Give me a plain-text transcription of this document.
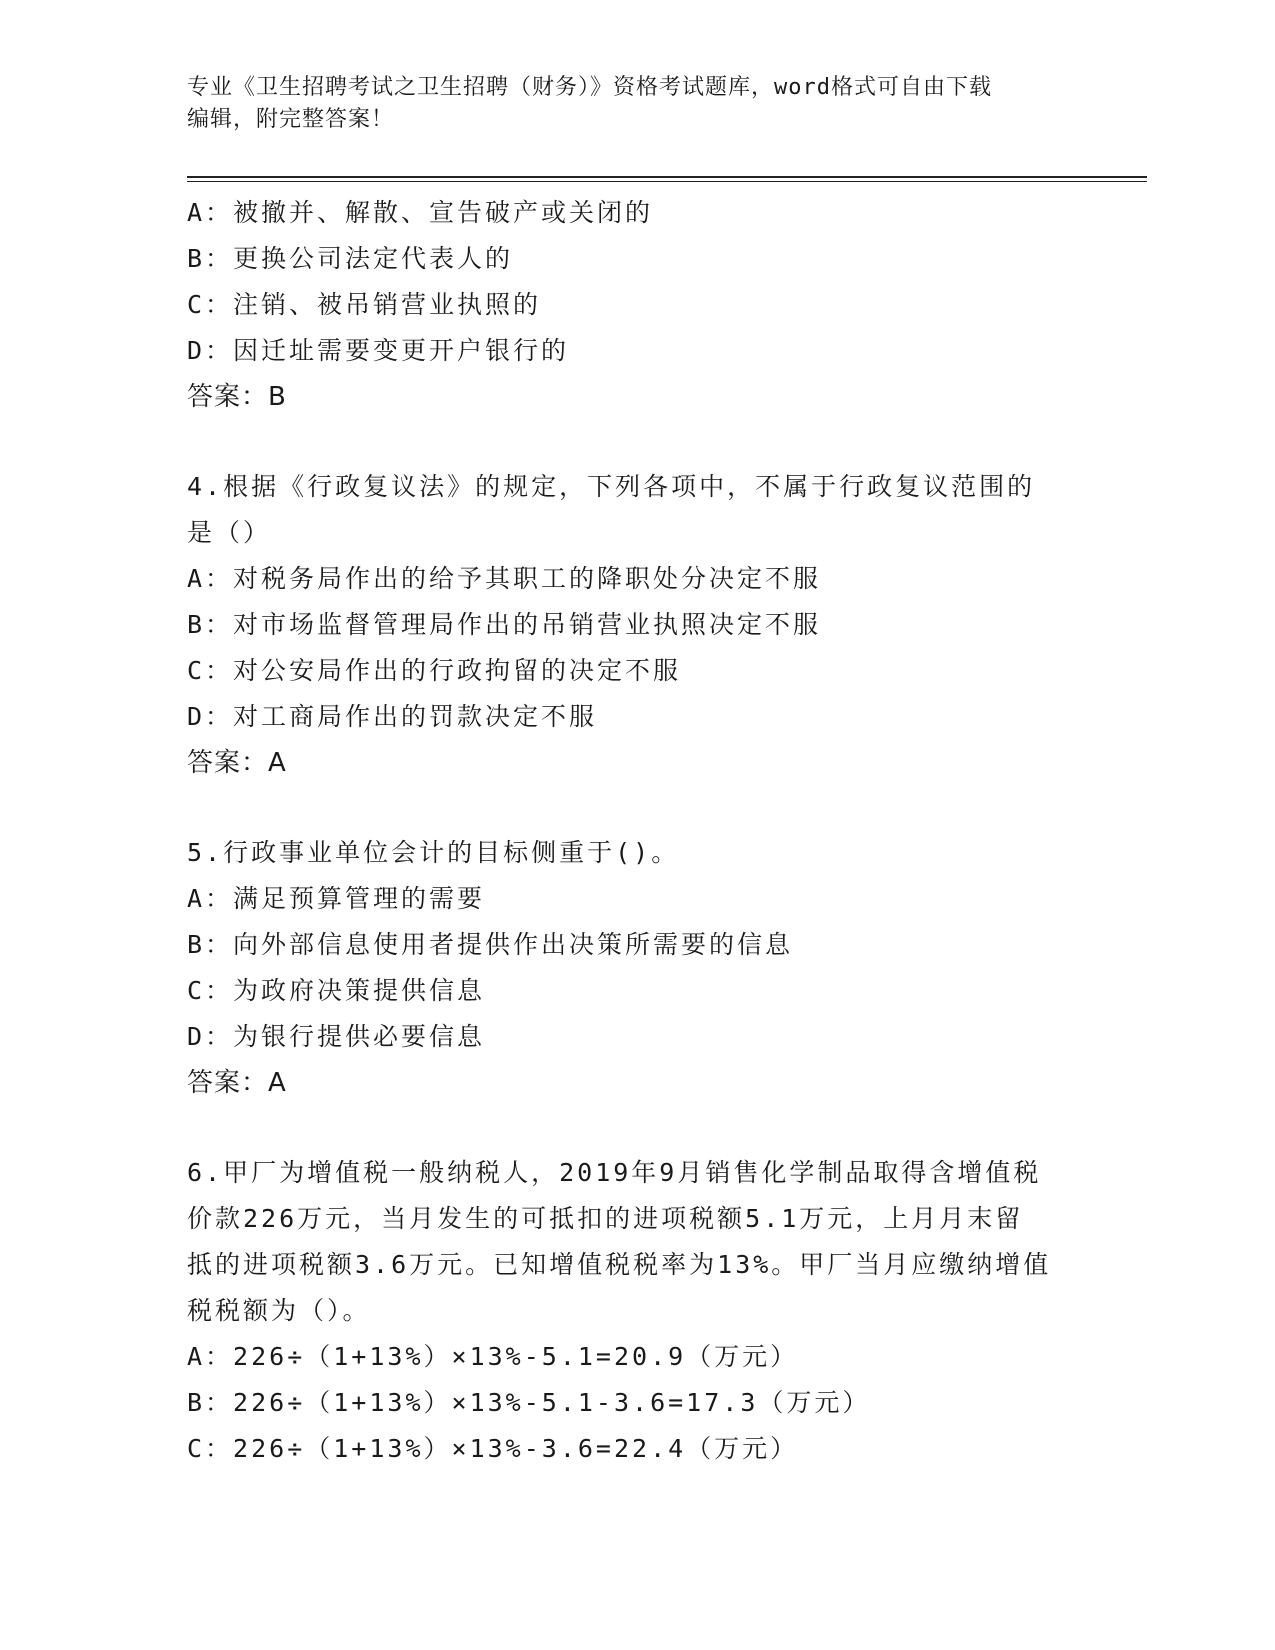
专业《卫生招聘考试之卫生招聘（财务）》资格考试题库，word格式可自由下载
编辑，附完整答案！
A：被撤并、解散、宣告破产或关闭的
B：更换公司法定代表人的
C：注销、被吊销营业执照的
D：因迁址需要变更开户银行的
答案：B
4.根据《行政复议法》的规定，下列各项中，不属于行政复议范围的
是（）
A：对税务局作出的给予其职工的降职处分决定不服
B：对市场监督管理局作出的吊销营业执照决定不服
C：对公安局作出的行政拘留的决定不服
D：对工商局作出的罚款决定不服
答案：A
5.行政事业单位会计的目标侧重于()。
A：满足预算管理的需要
B：向外部信息使用者提供作出决策所需要的信息
C：为政府决策提供信息
D：为银行提供必要信息
答案：A
6.甲厂为增值税一般纳税人，2019年9月销售化学制品取得含增值税
价款226万元，当月发生的可抵扣的进项税额5.1万元，上月月末留
抵的进项税额3.6万元。已知增值税税率为13%。甲厂当月应缴纳增值
税税额为（）。
A：226÷（1+13%）×13%-5.1=20.9（万元）
B：226÷（1+13%）×13%-5.1-3.6=17.3（万元）
C：226÷（1+13%）×13%-3.6=22.4（万元）
